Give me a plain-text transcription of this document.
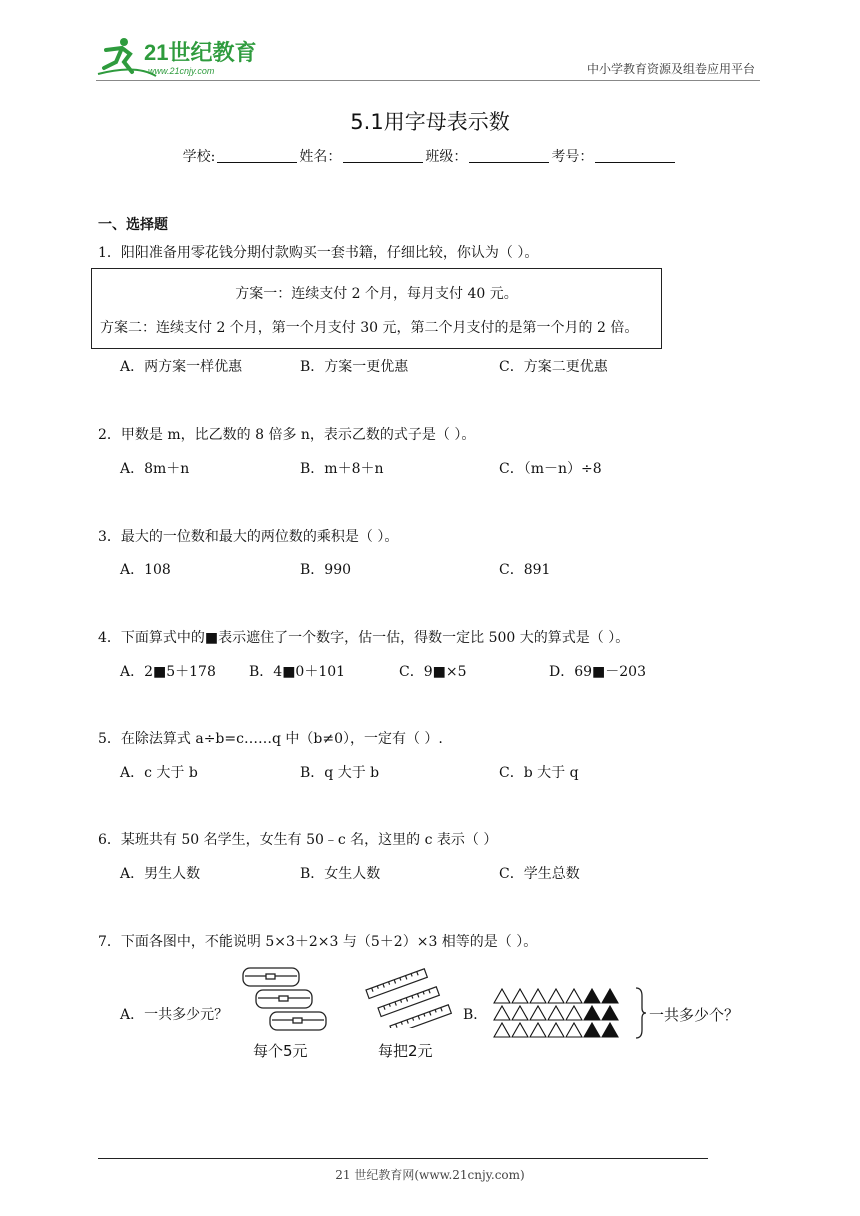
21世纪教育
www.21cnjy.com	中小学教育资源及组卷应用平台
5.1用字母表示数
学校:	姓名：	班级：	考号：
一、选择题
1．阳阳准备用零花钱分期付款购买一套书籍，仔细比较，你认为（ ）。
方案一：连续支付 2 个月，每月支付 40 元。
方案二：连续支付 2 个月，第一个月支付 30 元，第二个月支付的是第一个月的 2 倍。
A．两方案一样优惠	B．方案一更优惠	C．方案二更优惠
2．甲数是 m，比乙数的 8 倍多 n，表示乙数的式子是（ ）。
A．8m＋n	B．m＋8＋n	C．（m－n）÷8
3．最大的一位数和最大的两位数的乘积是（ ）。
A．108	B．990	C．891
4．下面算式中的■表示遮住了一个数字，估一估，得数一定比 500 大的算式是（ ）。
A．2■5＋178 B．4■0＋101	C．9■×5	D．69■－203
5．在除法算式 a÷b=c……q 中（b≠0），一定有（ ）.
A．c 大于 b	B．q 大于 b	C．b 大于 q
6．某班共有 50 名学生，女生有 50﹣c 名，这里的 c 表示（ ）
A．男生人数	B．女生人数	C．学生总数
7．下面各图中，不能说明 5×3＋2×3 与（5＋2）×3 相等的是（ ）。
A．一共多少元？
每个5元	每把2元
B．	一共多少个？
21 世纪教育网(www.21cnjy.com)
